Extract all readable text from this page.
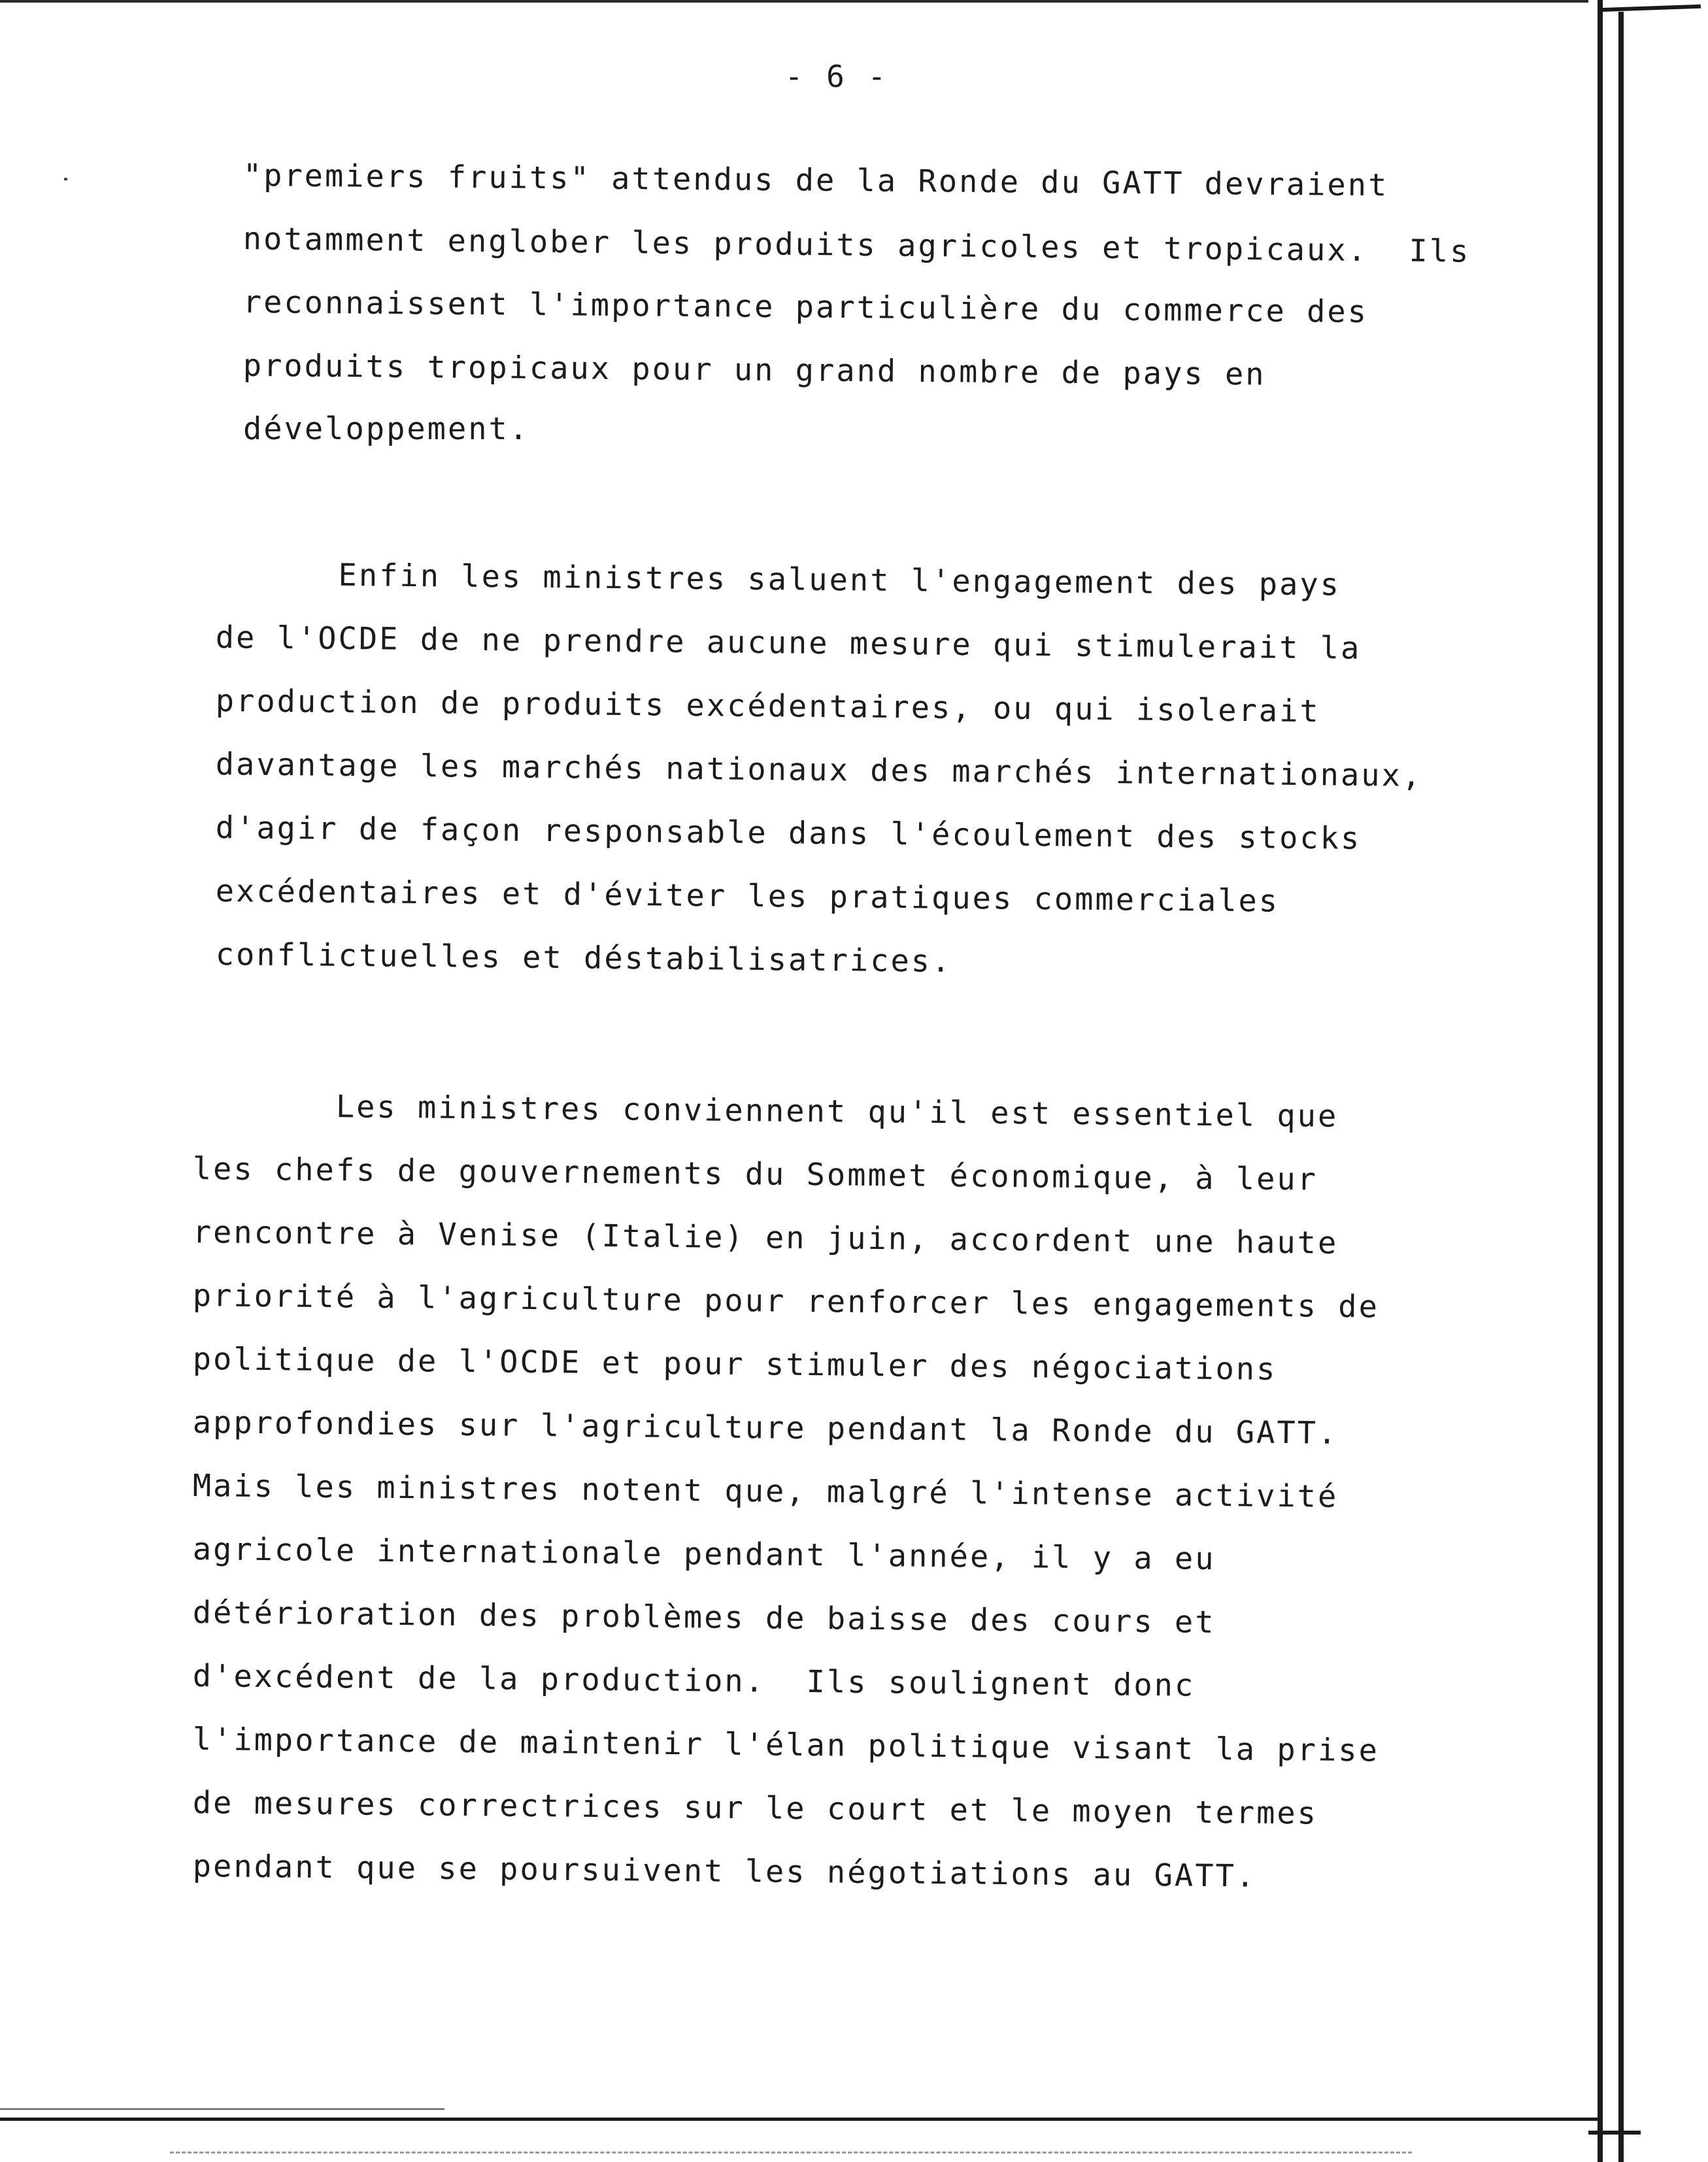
- 6 -
"premiers fruits" attendus de la Ronde du GATT devraient
notamment englober les produits agricoles et tropicaux.  Ils
reconnaissent l'importance particulière du commerce des
produits tropicaux pour un grand nombre de pays en
développement.
Enfin les ministres saluent l'engagement des pays
de l'OCDE de ne prendre aucune mesure qui stimulerait la
production de produits excédentaires, ou qui isolerait
davantage les marchés nationaux des marchés internationaux,
d'agir de façon responsable dans l'écoulement des stocks
excédentaires et d'éviter les pratiques commerciales
conflictuelles et déstabilisatrices.
Les ministres conviennent qu'il est essentiel que
les chefs de gouvernements du Sommet économique, à leur
rencontre à Venise (Italie) en juin, accordent une haute
priorité à l'agriculture pour renforcer les engagements de
politique de l'OCDE et pour stimuler des négociations
approfondies sur l'agriculture pendant la Ronde du GATT.
Mais les ministres notent que, malgré l'intense activité
agricole internationale pendant l'année, il y a eu
détérioration des problèmes de baisse des cours et
d'excédent de la production.  Ils soulignent donc
l'importance de maintenir l'élan politique visant la prise
de mesures correctrices sur le court et le moyen termes
pendant que se poursuivent les négotiations au GATT.
